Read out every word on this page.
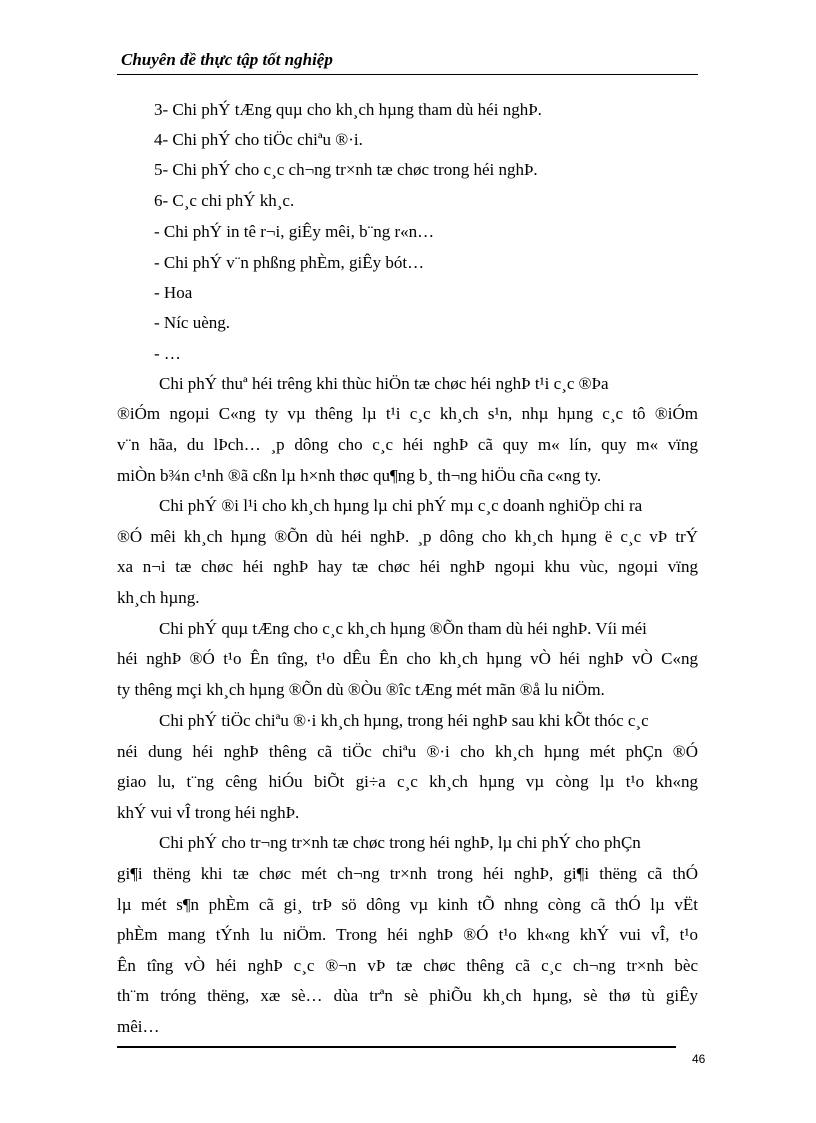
Chuyên đề thực tập tốt nghiệp
3- Chi phÝ tÆng quµ cho kh¸ch hµng tham dù héi nghÞ.
4- Chi phÝ cho tiÖc chiªu ®·i.
5- Chi phÝ cho c¸c ch¬ng tr×nh tæ chøc trong héi nghÞ.
6- C¸c chi phÝ kh¸c.
- Chi phÝ in tê r¬i, giÊy mêi, b¨ng r«n…
- Chi phÝ v¨n phßng phÈm, giÊy bót…
- Hoa
- Níc uèng.
- …
Chi phÝ thuª héi trêng khi thùc hiÖn tæ chøc héi nghÞ t¹i c¸c ®Þa
®iÓm ngoµi C«ng ty vµ thêng lµ t¹i c¸c kh¸ch s¹n, nhµ hµng c¸c tô ®iÓm
v¨n hãa, du lÞch… ¸p dông cho c¸c héi nghÞ cã quy m« lín, quy m« vïng
miÒn b¾n c¹nh ®ã cßn lµ h×nh thøc qu¶ng b¸ th¬ng hiÖu cña c«ng ty.
Chi phÝ ®i l¹i cho kh¸ch hµng lµ chi phÝ mµ c¸c doanh nghiÖp chi ra
®Ó mêi kh¸ch hµng ®Õn dù héi nghÞ. ¸p dông cho kh¸ch hµng ë c¸c vÞ trÝ
xa n¬i tæ chøc héi nghÞ hay tæ chøc héi nghÞ ngoµi khu vùc, ngoµi vïng
kh¸ch hµng.
Chi phÝ quµ tÆng cho c¸c kh¸ch hµng ®Õn tham dù héi nghÞ. Víi méi
héi nghÞ ®Ó t¹o Ên tîng, t¹o dÊu Ên cho kh¸ch hµng vÒ héi nghÞ vÒ C«ng
ty thêng mçi kh¸ch hµng ®Õn dù ®Òu ®îc tÆng mét mãn ®å lu niÖm.
Chi phÝ tiÖc chiªu ®·i kh¸ch hµng, trong héi nghÞ sau khi kÕt thóc c¸c
néi dung héi nghÞ thêng cã tiÖc chiªu ®·i cho kh¸ch hµng mét phÇn ®Ó
giao lu, t¨ng cêng hiÓu biÕt gi÷a c¸c kh¸ch hµng vµ còng lµ t¹o kh«ng
khÝ vui vÎ trong héi nghÞ.
Chi phÝ cho tr¬ng tr×nh tæ chøc trong héi nghÞ, lµ chi phÝ cho phÇn
gi¶i thëng khi tæ chøc mét ch¬ng tr×nh trong héi nghÞ, gi¶i thëng cã thÓ
lµ mét s¶n phÈm cã gi¸ trÞ sö dông vµ kinh tÕ nhng còng cã thÓ lµ vËt
phÈm mang tÝnh lu niÖm. Trong héi nghÞ ®Ó t¹o kh«ng khÝ vui vÎ, t¹o
Ên tîng vÒ héi nghÞ c¸c ®¬n vÞ tæ chøc thêng cã c¸c ch¬ng tr×nh bèc
th¨m tróng thëng, xæ sè… dùa trªn sè phiÕu kh¸ch hµng, sè thø tù giÊy
mêi…
46
